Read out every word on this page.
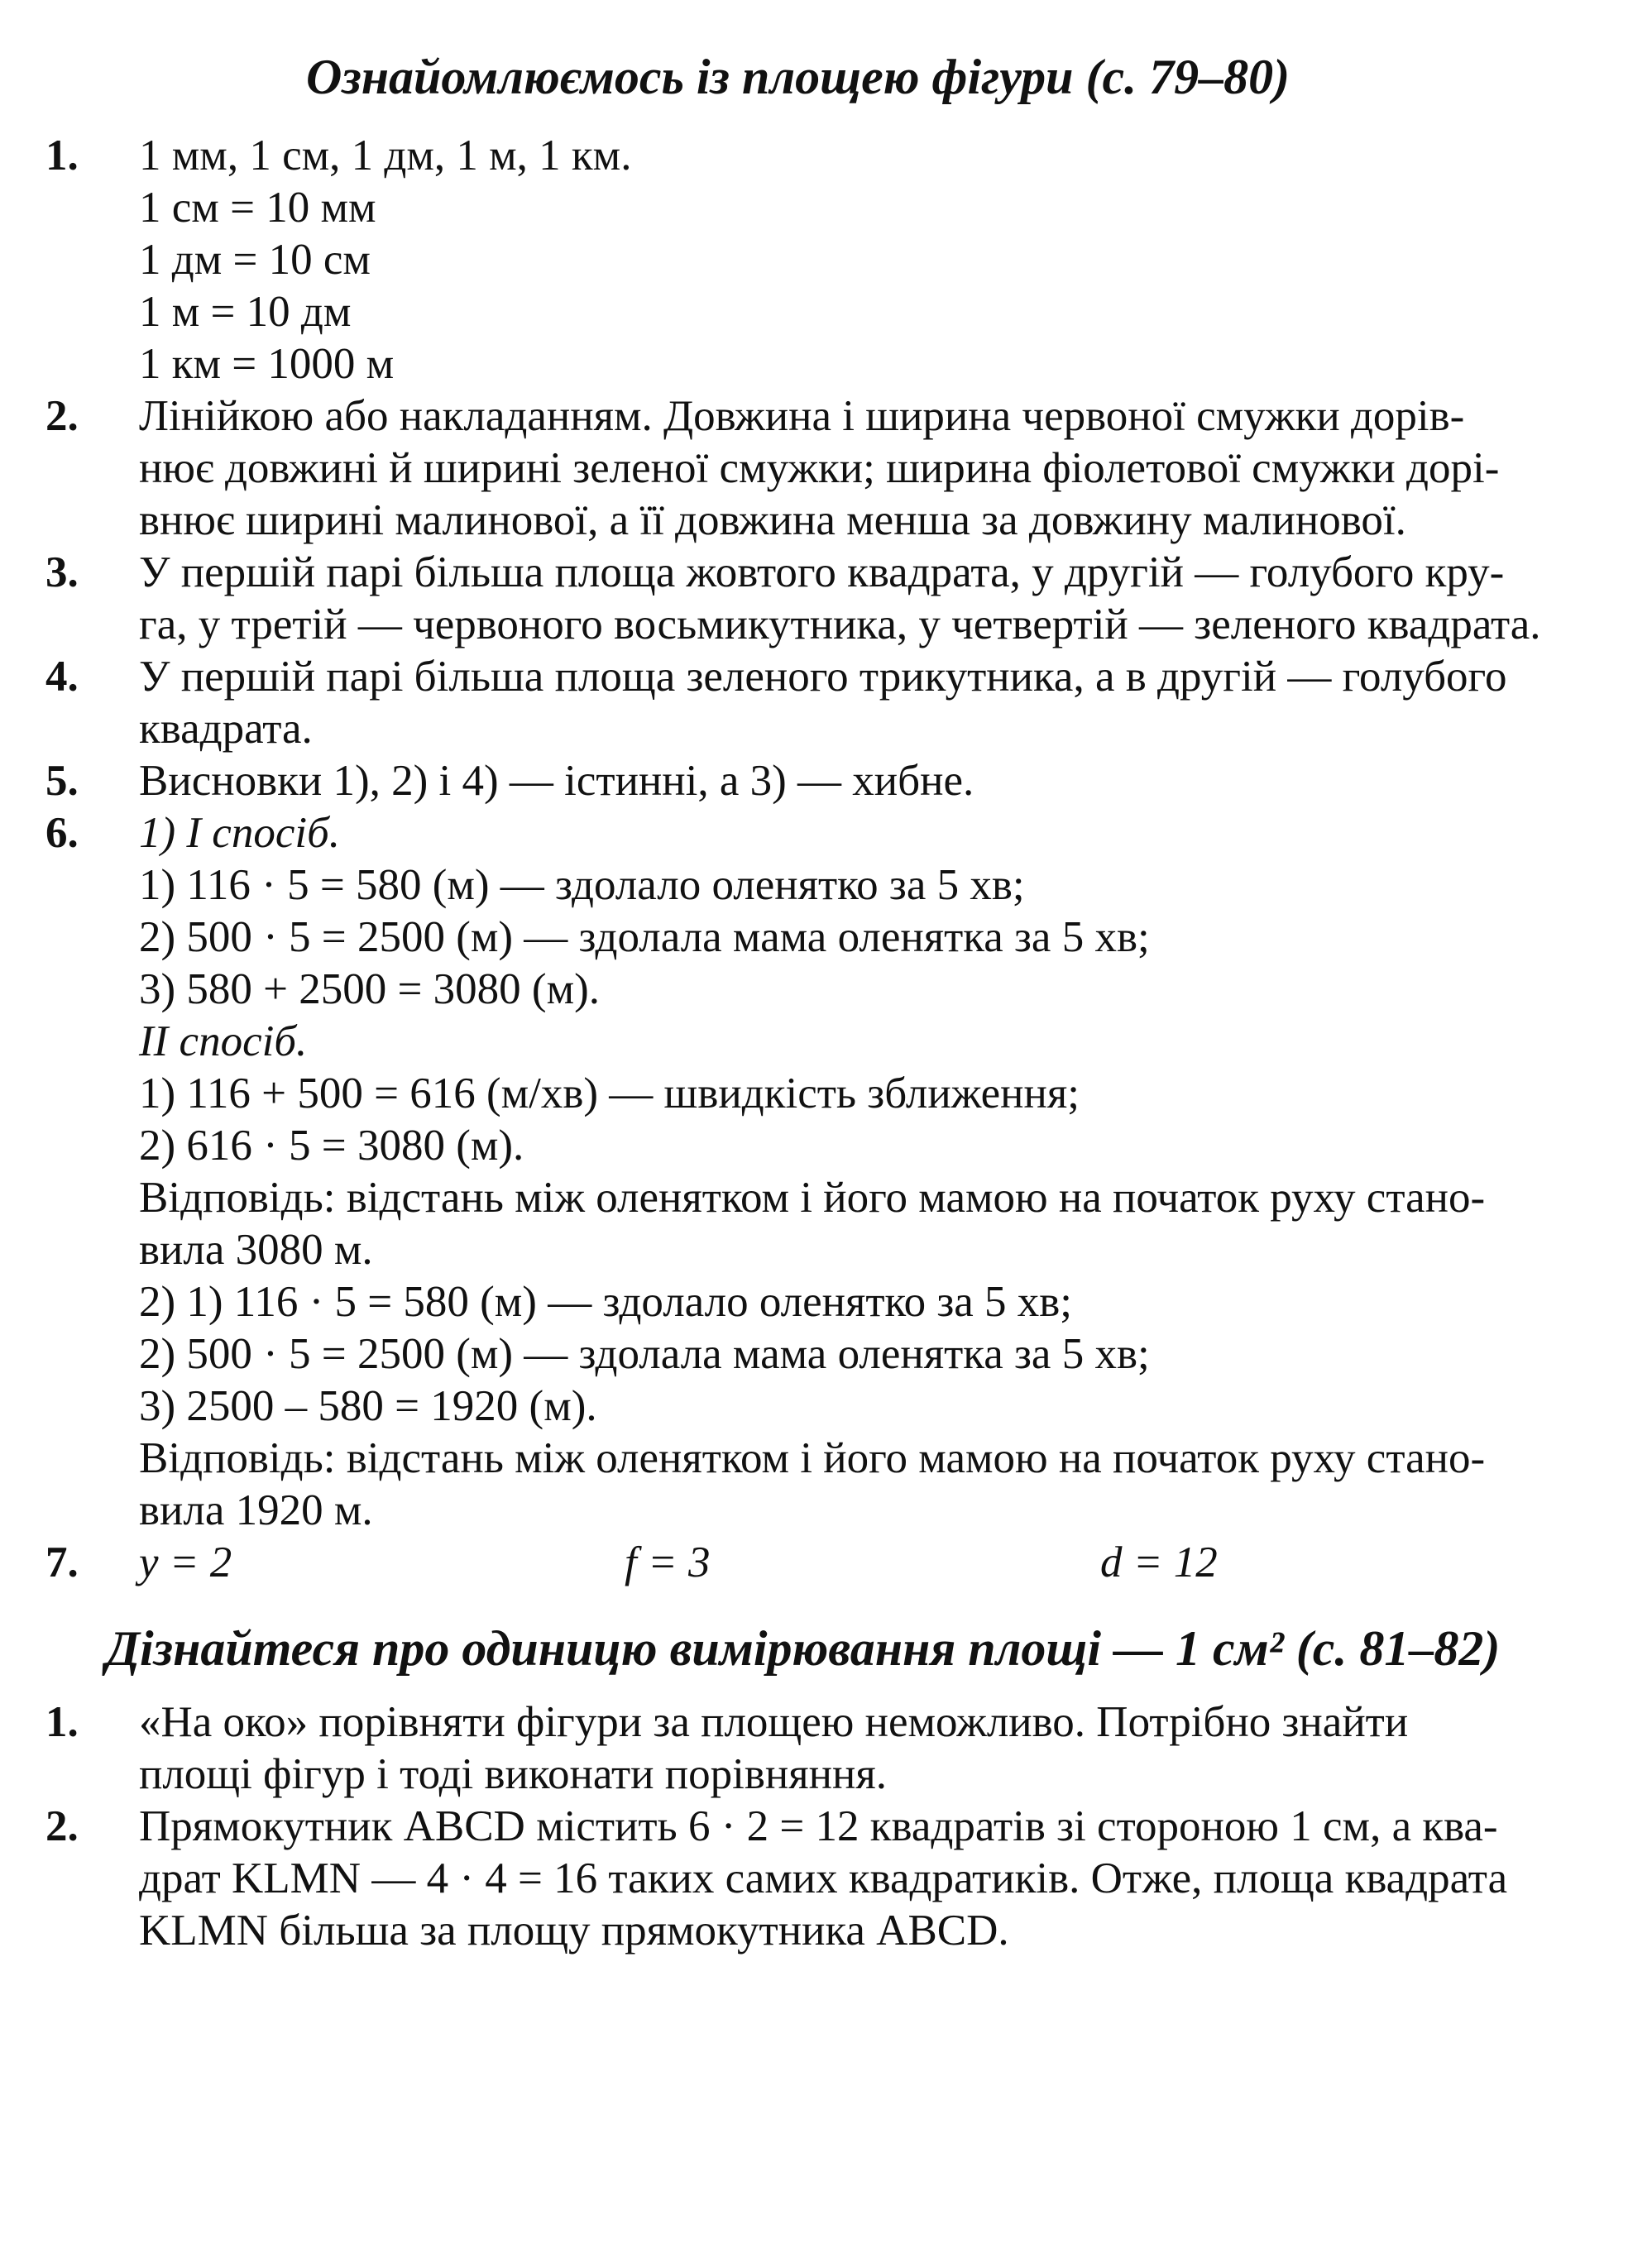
Ознайомлюємось із площею фігури (с. 79–80)
1.	1 мм, 1 см, 1 дм, 1 м, 1 км.
1 см = 10 мм
1 дм = 10 см
1 м = 10 дм
1 км = 1000 м
2.	Лінійкою або накладанням. Довжина і ширина червоної смужки дорів-
нює довжині й ширині зеленої смужки; ширина фіолетової смужки дорі-
внює ширині малинової, а її довжина менша за довжину малинової.
3.	У першій парі більша площа жовтого квадрата, у другій — голубого кру-
га, у третій — червоного восьмикутника, у четвертій — зеленого квадрата.
4.	У першій парі більша площа зеленого трикутника, а в другій — голубого
квадрата.
5.	Висновки 1), 2) і 4) — істинні, а 3) — хибне.
6.	1) І спосіб.
1) 116 · 5 = 580 (м) — здолало оленятко за 5 хв;
2) 500 · 5 = 2500 (м) — здолала мама оленятка за 5 хв;
3) 580 + 2500 = 3080 (м).
ІІ спосіб.
1) 116 + 500 = 616 (м/хв) — швидкість зближення;
2) 616 · 5 = 3080 (м).
Відповідь: відстань між оленятком і його мамою на початок руху стано-
вила 3080 м.
2) 1) 116 · 5 = 580 (м) — здолало оленятко за 5 хв;
2) 500 · 5 = 2500 (м) — здолала мама оленятка за 5 хв;
3) 2500 – 580 = 1920 (м).
Відповідь: відстань між оленятком і його мамою на початок руху стано-
вила 1920 м.
7.	y = 2	f = 3	d = 12
Дізнайтеся про одиницю вимірювання площі — 1 см² (с. 81–82)
1.	«На око» порівняти фігури за площею неможливо. Потрібно знайти
площі фігур і тоді виконати порівняння.
2.	Прямокутник ABCD містить 6 · 2 = 12 квадратів зі стороною 1 см, а ква-
драт KLMN — 4 · 4 = 16 таких самих квадратиків. Отже, площа квадрата
KLMN більша за площу прямокутника ABCD.
